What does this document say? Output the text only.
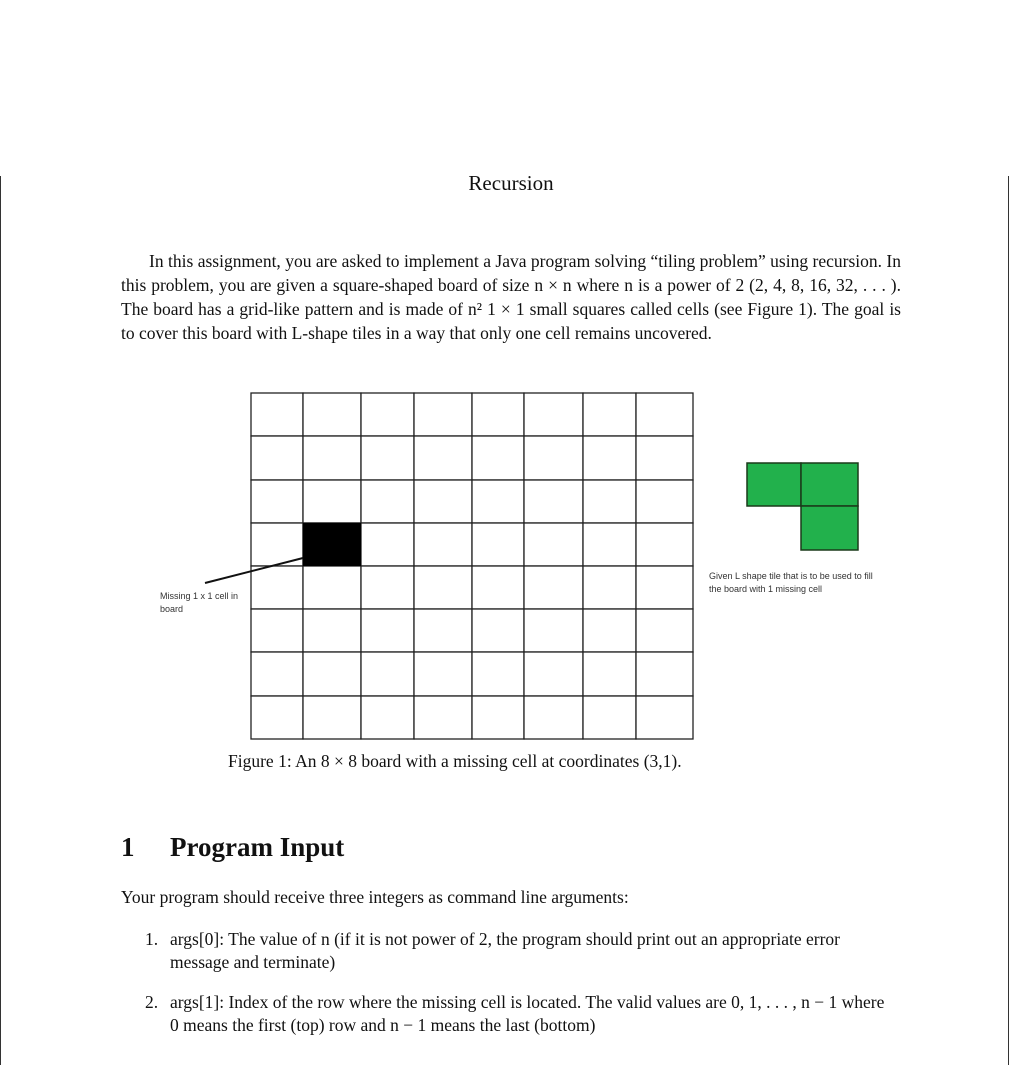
Recursion
In this assignment, you are asked to implement a Java program solving “tiling problem” using recursion. In this problem, you are given a square-shaped board of size n × n where n is a power of 2 (2, 4, 8, 16, 32, . . . ). The board has a grid-like pattern and is made of n² 1 × 1 small squares called cells (see Figure 1). The goal is to cover this board with L-shape tiles in a way that only one cell remains uncovered.
Missing 1 x 1 cell in board
Given L shape tile that is to be used to fill the board with 1 missing cell
Figure 1: An 8 × 8 board with a missing cell at coordinates (3,1).
1 Program Input
Your program should receive three integers as command line arguments:
1. args[0]: The value of n (if it is not power of 2, the program should print out an appropriate error message and terminate)
2. args[1]: Index of the row where the missing cell is located. The valid values are 0, 1, . . . , n − 1 where 0 means the first (top) row and n − 1 means the last (bottom)
